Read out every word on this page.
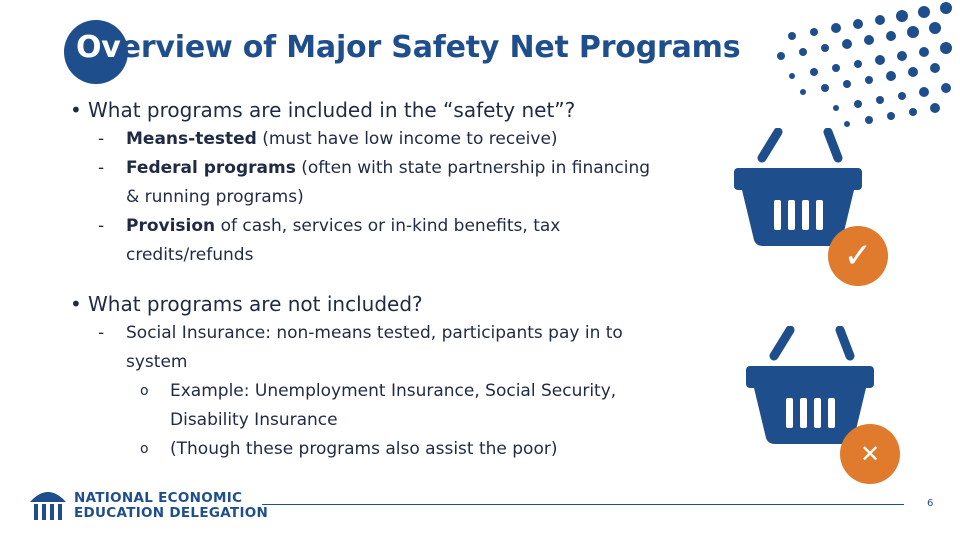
Overview of Major Safety Net Programs
• What programs are included in the “safety net”?
-	Means-tested (must have low income to receive)
-	Federal programs (often with state partnership in financing
& running programs)
-	Provision of cash, services or in-kind benefits, tax
credits/refunds
• What programs are not included?
-	Social Insurance: non-means tested, participants pay in to
system
o	Example: Unemployment Insurance, Social Security,
Disability Insurance
o	(Though these programs also assist the poor)
✓
✕
NATIONAL ECONOMIC
EDUCATION DELEGATION
6
